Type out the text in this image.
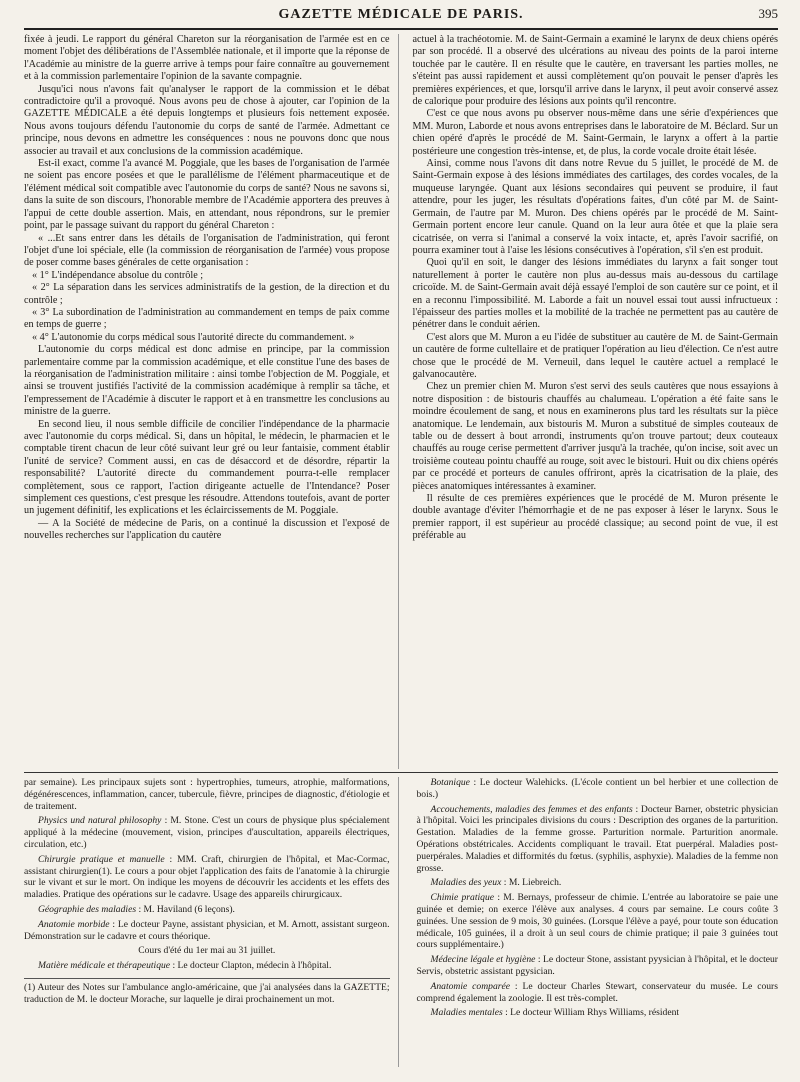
GAZETTE MÉDICALE DE PARIS.	395

fixée à jeudi. Le rapport du général Chareton sur la réorganisation de l'armée est en ce moment l'objet des délibérations de l'Assemblée nationale, et il importe que la réponse de l'Académie au ministre de la guerre arrive à temps pour faire connaître au gouvernement et à la commission parlementaire l'opinion de la savante compagnie.

Jusqu'ici nous n'avons fait qu'analyser le rapport de la commission et le débat contradictoire qu'il a provoqué. Nous avons peu de chose à ajouter, car l'opinion de la GAZETTE MÉDICALE a été depuis longtemps et plusieurs fois nettement exposée. Nous avons toujours défendu l'autonomie du corps de santé de l'armée. Admettant ce principe, nous devons en admettre les conséquences : nous ne pouvons donc que nous associer au travail et aux conclusions de la commission académique.

Est-il exact, comme l'a avancé M. Poggiale, que les bases de l'organisation de l'armée ne soient pas encore posées et que le parallélisme de l'élément pharmaceutique et de l'élément médical soit compatible avec l'autonomie du corps de santé? Nous ne savons si, dans la suite de son discours, l'honorable membre de l'Académie apportera des preuves à l'appui de cette double assertion. Mais, en attendant, nous répondrons, sur le premier point, par le passage suivant du rapport du général Chareton :

« ...Et sans entrer dans les détails de l'organisation de l'administration, qui feront l'objet d'une loi spéciale, elle (la commission de réorganisation de l'armée) vous propose de poser comme bases générales de cette organisation :

« 1° L'indépendance absolue du contrôle ;

« 2° La séparation dans les services administratifs de la gestion, de la direction et du contrôle ;

« 3° La subordination de l'administration au commandement en temps de paix comme en temps de guerre ;

« 4° L'autonomie du corps médical sous l'autorité directe du commandement. »

L'autonomie du corps médical est donc admise en principe, par la commission parlementaire comme par la commission académique, et elle constitue l'une des bases de la réorganisation de l'administration militaire : ainsi tombe l'objection de M. Poggiale, et ainsi se trouvent justifiés l'activité de la commission académique à remplir sa tâche, et l'empressement de l'Académie à discuter le rapport et à en transmettre les conclusions au ministre de la guerre.

En second lieu, il nous semble difficile de concilier l'indépendance de la pharmacie avec l'autonomie du corps médical. Si, dans un hôpital, le médecin, le pharmacien et le comptable tirent chacun de leur côté suivant leur gré ou leur fantaisie, comment établir l'unité de service? Comment aussi, en cas de désaccord et de désordre, répartir la responsabilité? L'autorité directe du commandement pourra-t-elle remplacer complètement, sous ce rapport, l'action dirigeante actuelle de l'Intendance? Poser simplement ces questions, c'est presque les résoudre. Attendons toutefois, avant de porter un jugement définitif, les explications et les éclaircissements de M. Poggiale.

— A la Société de médecine de Paris, on a continué la discussion et l'exposé de nouvelles recherches sur l'application du cautère

actuel à la trachéotomie. M. de Saint-Germain a examiné le larynx de deux chiens opérés par son procédé. Il a observé des ulcérations au niveau des points de la paroi interne touchée par le cautère. Il en résulte que le cautère, en traversant les parties molles, ne s'éteint pas aussi rapidement et aussi complètement qu'on pouvait le penser d'après les premières expériences, et que, lorsqu'il arrive dans le larynx, il peut avoir conservé assez de calorique pour produire des lésions aux points qu'il rencontre.

C'est ce que nous avons pu observer nous-même dans une série d'expériences que MM. Muron, Laborde et nous avons entreprises dans le laboratoire de M. Béclard. Sur un chien opéré d'après le procédé de M. Saint-Germain, le larynx a offert à la partie postérieure une congestion très-intense, et, de plus, la corde vocale droite était lésée.

Ainsi, comme nous l'avons dit dans notre Revue du 5 juillet, le procédé de M. de Saint-Germain expose à des lésions immédiates des cartilages, des cordes vocales, de la muqueuse laryngée. Quant aux lésions secondaires qui peuvent se produire, il faut attendre, pour les juger, les résultats d'opérations faites, d'un côté par M. de Saint-Germain, de l'autre par M. Muron. Des chiens opérés par le procédé de M. Saint-Germain portent encore leur canule. Quand on la leur aura ôtée et que la plaie sera cicatrisée, on verra si l'animal a conservé la voix intacte, et, après l'avoir sacrifié, on pourra examiner tout à l'aise les lésions consécutives à l'opération, s'il s'en est produit.

Quoi qu'il en soit, le danger des lésions immédiates du larynx a fait songer tout naturellement à porter le cautère non plus au-dessus mais au-dessous du cartilage cricoïde. M. de Saint-Germain avait déjà essayé l'emploi de son cautère sur ce point, et il en a reconnu l'impossibilité. M. Laborde a fait un nouvel essai tout aussi infructueux : l'épaisseur des parties molles et la mobilité de la trachée ne permettent pas au cautère de pénétrer dans le conduit aérien.

C'est alors que M. Muron a eu l'idée de substituer au cautère de M. de Saint-Germain un cautère de forme cultellaire et de pratiquer l'opération au lieu d'élection. Ce n'est autre chose que le procédé de M. Verneuil, dans lequel le cautère actuel a remplacé le galvanocautère.

Chez un premier chien M. Muron s'est servi des seuls cautères que nous essayions à notre disposition : de bistouris chauffés au chalumeau. L'opération a été faite sans le moindre écoulement de sang, et nous en examinerons plus tard les résultats sur la pièce anatomique. Le lendemain, aux bistouris M. Muron a substitué de simples couteaux de table ou de dessert à bout arrondi, instruments qu'on trouve partout; deux couteaux chauffés au rouge cerise permettent d'arriver jusqu'à la trachée, qu'on incise, soit avec un troisième couteau pointu chauffé au rouge, soit avec le bistouri. Huit ou dix chiens opérés par ce procédé et porteurs de canules offriront, après la cicatrisation de la plaie, des pièces anatomiques intéressantes à examiner.

Il résulte de ces premières expériences que le procédé de M. Muron présente le double avantage d'éviter l'hémorrhagie et de ne pas exposer à léser le larynx. Sous le premier rapport, il est supérieur au procédé classique; au second point de vue, il est préférable au

par semaine). Les principaux sujets sont : hypertrophies, tumeurs, atrophie, malformations, dégénérescences, inflammation, cancer, tubercule, fièvre, principes de diagnostic, d'étiologie et de traitement.

Physics und natural philosophy : M. Stone. C'est un cours de physique plus spécialement appliqué à la médecine (mouvement, vision, principes d'auscultation, appareils électriques, circulation, etc.)

Chirurgie pratique et manuelle : MM. Craft, chirurgien de l'hôpital, et Mac-Cormac, assistant chirurgien(1). Le cours a pour objet l'application des faits de l'anatomie à la chirurgie sur le vivant et sur le mort. On indique les moyens de découvrir les accidents et les effets des maladies. Pratique des opérations sur le cadavre. Usage des appareils chirurgicaux.

Géographie des maladies : M. Haviland (6 leçons).

Anatomie morbide : Le docteur Payne, assistant physician, et M. Arnott, assistant surgeon. Démonstration sur le cadavre et cours théorique.

Cours d'été du 1er mai au 31 juillet.

Matière médicale et thérapeutique : Le docteur Clapton, médecin à l'hôpital.

(1) Auteur des Notes sur l'ambulance anglo-américaine, que j'ai analysées dans la GAZETTE; traduction de M. le docteur Morache, sur laquelle je dirai prochainement un mot.

Botanique : Le docteur Walehicks. (L'école contient un bel herbier et une collection de bois.)

Accouchements, maladies des femmes et des enfants : Docteur Barner, obstetric physician à l'hôpital. Voici les principales divisions du cours : Description des organes de la parturition. Gestation. Maladies de la femme grosse. Parturition normale. Parturition anormale. Opérations obstétricales. Accidents compliquant le travail. Etat puerpéral. Maladies post-puerpérales. Maladies et difformités du fœtus. (syphilis, asphyxie). Maladies de la femme non grosse.

Maladies des yeux : M. Liebreich.

Chimie pratique : M. Bernays, professeur de chimie. L'entrée au laboratoire se paie une guinée et demie; on exerce l'élève aux analyses. 4 cours par semaine. Le cours coûte 3 guinées. Une session de 9 mois, 30 guinées. (Lorsque l'élève a payé, pour toute son éducation médicale, 105 guinées, il a droit à un seul cours de chimie pratique; il paie 3 guinées tout cours supplémentaire.)

Médecine légale et hygiène : Le docteur Stone, assistant pyysician à l'hôpital, et le docteur Servis, obstetric assistant pgysician.

Anatomie comparée : Le docteur Charles Stewart, conservateur du musée. Le cours comprend également la zoologie. Il est très-complet.

Maladies mentales : Le docteur William Rhys Williams, résident
